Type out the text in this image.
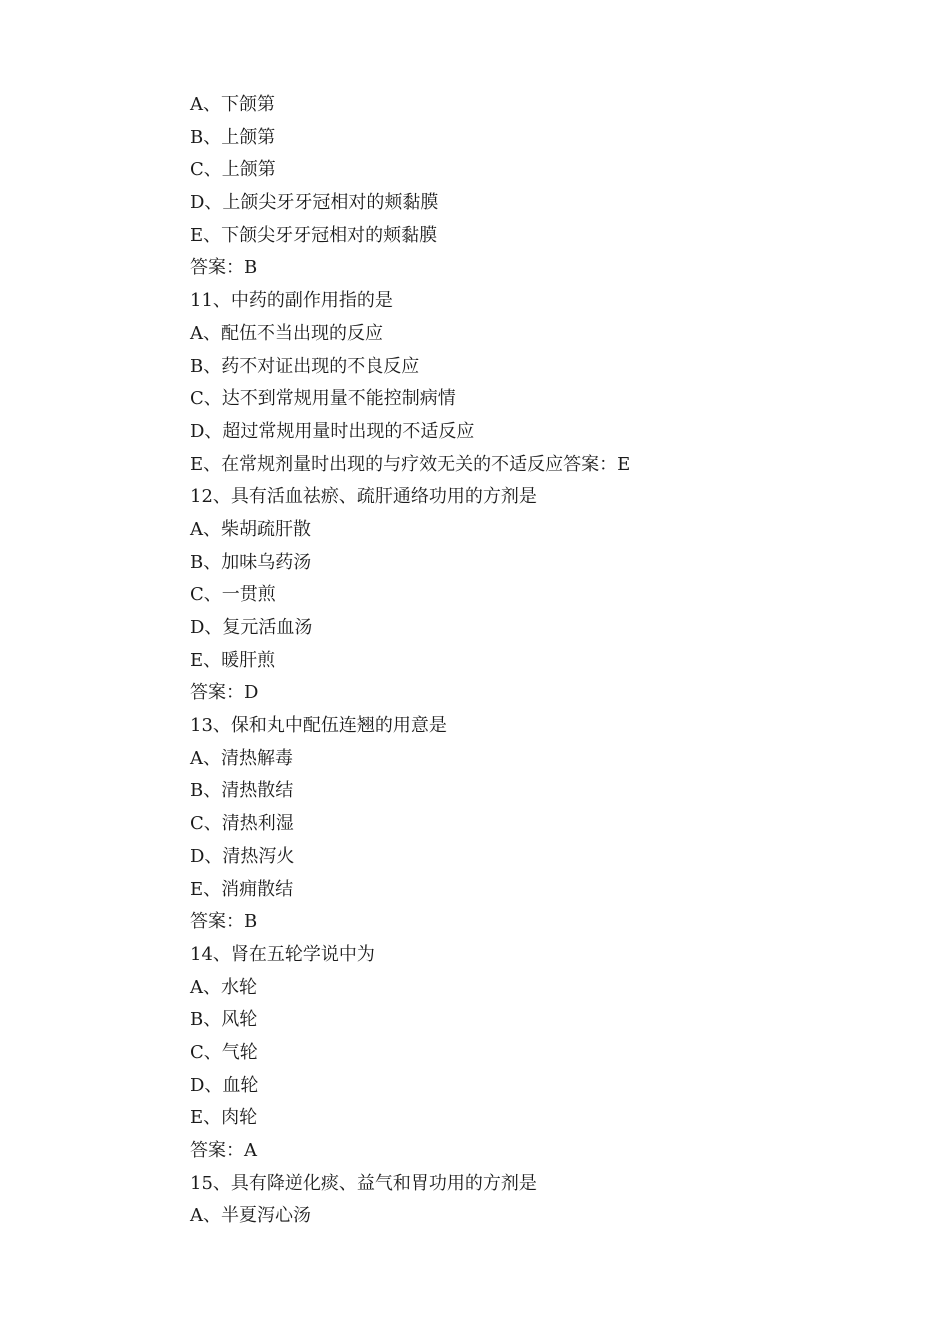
A、下颌第
B、上颌第
C、上颌第
D、上颌尖牙牙冠相对的颊黏膜
E、下颌尖牙牙冠相对的颊黏膜
答案：B
11、中药的副作用指的是
A、配伍不当出现的反应
B、药不对证出现的不良反应
C、达不到常规用量不能控制病情
D、超过常规用量时出现的不适反应
E、在常规剂量时出现的与疗效无关的不适反应答案：E
12、具有活血祛瘀、疏肝通络功用的方剂是
A、柴胡疏肝散
B、加味乌药汤
C、一贯煎
D、复元活血汤
E、暖肝煎
答案：D
13、保和丸中配伍连翘的用意是
A、清热解毒
B、清热散结
C、清热利湿
D、清热泻火
E、消痈散结
答案：B
14、肾在五轮学说中为
A、水轮
B、风轮
C、气轮
D、血轮
E、肉轮
答案：A
15、具有降逆化痰、益气和胃功用的方剂是
A、半夏泻心汤
